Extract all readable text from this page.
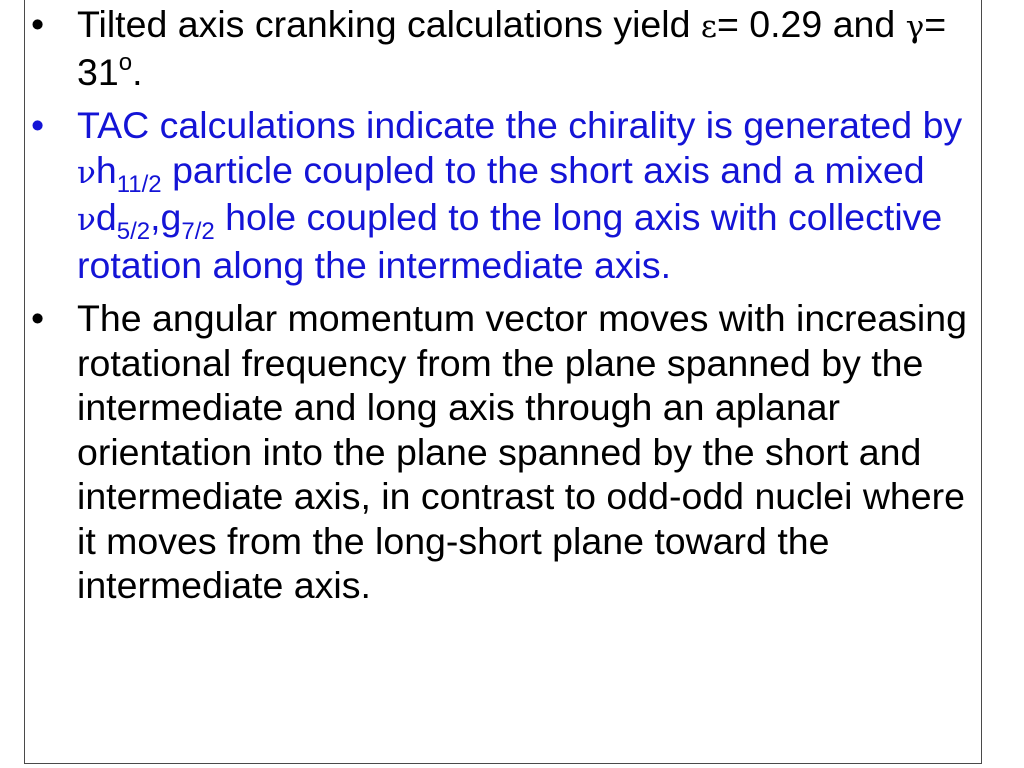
•
Tilted axis cranking calculations yield ε= 0.29 and $\gamma= 31^o$.
•
TAC calculations indicate the chirality is generated by $\nu h_{11/2}$ particle coupled to the short axis and a mixed $\nu d_{5/2},g_{7/2}$ hole coupled to the long axis with collective rotation along the intermediate axis.
•
The angular momentum vector moves with increasing rotational frequency from the plane spanned by the intermediate and long axis through an aplanar orientation into the plane spanned by the short and intermediate axis, in contrast to odd-odd nuclei where it moves from the long-short plane toward the intermediate axis.
